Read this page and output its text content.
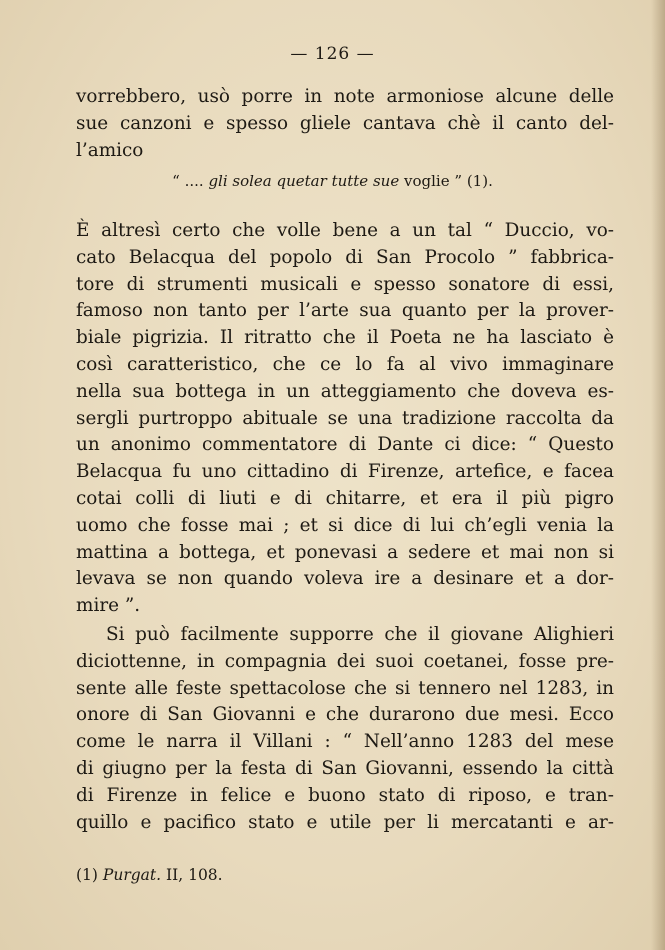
— 126 —
vorrebbero, usò porre in note armoniose alcune delle
sue canzoni e spesso gliele cantava chè il canto del-
l’amico
“ .... gli solea quetar tutte sue voglie ” (1).
È altresì certo che volle bene a un tal “ Duccio, vo-
cato Belacqua del popolo di San Procolo ” fabbrica-
tore di strumenti musicali e spesso sonatore di essi,
famoso non tanto per l’arte sua quanto per la prover-
biale pigrizia. Il ritratto che il Poeta ne ha lasciato è
così caratteristico, che ce lo fa al vivo immaginare
nella sua bottega in un atteggiamento che doveva es-
sergli purtroppo abituale se una tradizione raccolta da
un anonimo commentatore di Dante ci dice: “ Questo
Belacqua fu uno cittadino di Firenze, artefice, e facea
cotai colli di liuti e di chitarre, et era il più pigro
uomo che fosse mai ; et si dice di lui ch’egli venia la
mattina a bottega, et ponevasi a sedere et mai non si
levava se non quando voleva ire a desinare et a dor-
mire ”.
Si può facilmente supporre che il giovane Alighieri
diciottenne, in compagnia dei suoi coetanei, fosse pre-
sente alle feste spettacolose che si tennero nel 1283, in
onore di San Giovanni e che durarono due mesi. Ecco
come le narra il Villani : “ Nell’anno 1283 del mese
di giugno per la festa di San Giovanni, essendo la città
di Firenze in felice e buono stato di riposo, e tran-
quillo e pacifico stato e utile per li mercatanti e ar-
(1) Purgat. II, 108.
